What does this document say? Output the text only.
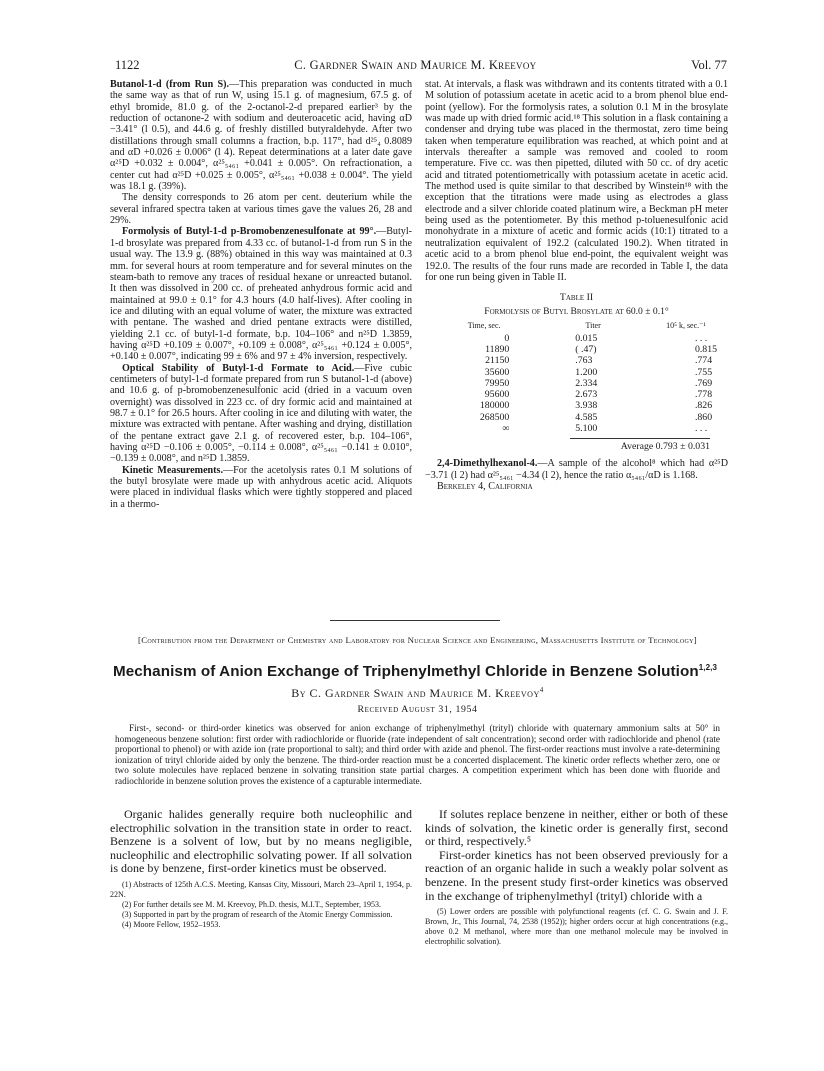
1122	C. Gardner Swain and Maurice M. Kreevoy	Vol. 77

Butanol-1-d (from Run S).—This preparation was conducted in much the same way as that of run W, using 15.1 g. of magnesium, 67.5 g. of ethyl bromide, 81.0 g. of the 2-octanol-2-d prepared earlier³ by the reduction of octanone-2 with sodium and deuteroacetic acid, having αD −3.41° (l 0.5), and 44.6 g. of freshly distilled butyraldehyde. After two distillations through small columns a fraction, b.p. 117°, had d²⁵₄ 0.8089 and αD +0.026 ± 0.006° (l 4). Repeat determinations at a later date gave α²⁵D +0.032 ± 0.004°, α²⁵₅₄₆₁ +0.041 ± 0.005°. On refractionation, a center cut had α²⁵D +0.025 ± 0.005°, α²⁵₅₄₆₁ +0.038 ± 0.004°. The yield was 18.1 g. (39%).

The density corresponds to 26 atom per cent. deuterium while the several infrared spectra taken at various times gave the values 26, 28 and 29%.

Formolysis of Butyl-1-d p-Bromobenzenesulfonate at 99°.—Butyl-1-d brosylate was prepared from 4.33 cc. of butanol-1-d from run S in the usual way. The 13.9 g. (88%) obtained in this way was maintained at 0.3 mm. for several hours at room temperature and for several minutes on the steam-bath to remove any traces of residual hexane or unreacted butanol. It then was dissolved in 200 cc. of preheated anhydrous formic acid and maintained at 99.0 ± 0.1° for 4.3 hours (4.0 half-lives). After cooling in ice and diluting with an equal volume of water, the mixture was extracted with pentane. The washed and dried pentane extracts were distilled, yielding 2.1 cc. of butyl-1-d formate, b.p. 104–106° and n²⁵D 1.3859, having α²⁵D +0.109 ± 0.007°, +0.109 ± 0.008°, α²⁵₅₄₆₁ +0.124 ± 0.005°, +0.140 ± 0.007°, indicating 99 ± 6% and 97 ± 4% inversion, respectively.

Optical Stability of Butyl-1-d Formate to Acid.—Five cubic centimeters of butyl-1-d formate prepared from run S butanol-1-d (above) and 10.6 g. of p-bromobenzenesulfonic acid (dried in a vacuum oven overnight) was dissolved in 223 cc. of dry formic acid and maintained at 98.7 ± 0.1° for 26.5 hours. After cooling in ice and diluting with water, the mixture was extracted with pentane. After washing and drying, distillation of the pentane extract gave 2.1 g. of recovered ester, b.p. 104–106°, having α²⁵D −0.106 ± 0.005°, −0.114 ± 0.008°, α²⁵₅₄₆₁ −0.141 ± 0.010°, −0.139 ± 0.008°, and n²⁵D 1.3859.

Kinetic Measurements.—For the acetolysis rates 0.1 M solutions of the butyl brosylate were made up with anhydrous acetic acid. Aliquots were placed in individual flasks which were tightly stoppered and placed in a thermo-

stat. At intervals, a flask was withdrawn and its contents titrated with a 0.1 M solution of potassium acetate in acetic acid to a brom phenol blue end-point (yellow). For the formolysis rates, a solution 0.1 M in the brosylate was made up with dried formic acid.¹⁸ This solution in a flask containing a condenser and drying tube was placed in the thermostat, zero time being taken when temperature equilibration was reached, at which point and at intervals thereafter a sample was removed and cooled to room temperature. Five cc. was then pipetted, diluted with 50 cc. of dry acetic acid and titrated potentiometrically with potassium acetate in acetic acid. The method used is quite similar to that described by Winstein¹⁸ with the exception that the titrations were made using as electrodes a glass electrode and a silver chloride coated platinum wire, a Beckman pH meter being used as the potentiometer. By this method p-toluenesulfonic acid monohydrate in a mixture of acetic and formic acids (10:1) titrated to a neutralization equivalent of 192.2 (calculated 190.2). When titrated in acetic acid to a brom phenol blue end-point, the equivalent weight was 192.0. The results of the four runs made are recorded in Table I, the data for one run being given in Table II.

Table II
Formolysis of Butyl Brosylate at 60.0 ± 0.1°
Time, sec.	Titer	10⁵ k, sec.⁻¹
0	0.015	. . .
11890	( .47)	0.815
21150	.763	.774
35600	1.200	.755
79950	2.334	.769
95600	2.673	.778
180000	3.938	.826
268500	4.585	.860
∞	5.100	. . .
Average 0.793 ± 0.031

2,4-Dimethylhexanol-4.—A sample of the alcohol⁸ which had α²⁵D −3.71 (l 2) had α²⁵₅₄₆₁ −4.34 (l 2), hence the ratio α₅₄₆₁/αD is 1.168.

Berkeley 4, California

[Contribution from the Department of Chemistry and Laboratory for Nuclear Science and Engineering, Massachusetts Institute of Technology]
Mechanism of Anion Exchange of Triphenylmethyl Chloride in Benzene Solution$^{1,2,3}$
By C. Gardner Swain and Maurice M. Kreevoy$^4$
Received August 31, 1954

First-, second- or third-order kinetics was observed for anion exchange of triphenylmethyl (trityl) chloride with quaternary ammonium salts at 50° in homogeneous benzene solution: first order with radiochloride or fluoride (rate independent of salt concentration); second order with radiochloride and phenol (rate proportional to phenol) or with azide ion (rate proportional to salt); and third order with azide and phenol. The first-order reactions must involve a rate-determining ionization of trityl chloride aided by only the benzene. The third-order reaction must be a concerted displacement. The kinetic order reflects whether zero, one or two solute molecules have replaced benzene in solvating transition state partial charges. A competition experiment which has been done with fluoride and radiochloride in benzene solution proves the existence of a capturable intermediate.

Organic halides generally require both nucleophilic and electrophilic solvation in the transition state in order to react. Benzene is a solvent of low, but by no means negligible, nucleophilic and electrophilic solvating power. If all solvation is done by benzene, first-order kinetics must be observed.

(1) Abstracts of 125th A.C.S. Meeting, Kansas City, Missouri, March 23–April 1, 1954, p. 22N.

(2) For further details see M. M. Kreevoy, Ph.D. thesis, M.I.T., September, 1953.

(3) Supported in part by the program of research of the Atomic Energy Commission.

(4) Moore Fellow, 1952–1953.

If solutes replace benzene in neither, either or both of these kinds of solvation, the kinetic order is generally first, second or third, respectively.⁵

First-order kinetics has not been observed previously for a reaction of an organic halide in such a weakly polar solvent as benzene. In the present study first-order kinetics was observed in the exchange of triphenylmethyl (trityl) chloride with a

(5) Lower orders are possible with polyfunctional reagents (cf. C. G. Swain and J. F. Brown, Jr., This Journal, 74, 2538 (1952)); higher orders occur at high concentrations (e.g., above 0.2 M methanol, where more than one methanol molecule may be involved in electrophilic solvation).
